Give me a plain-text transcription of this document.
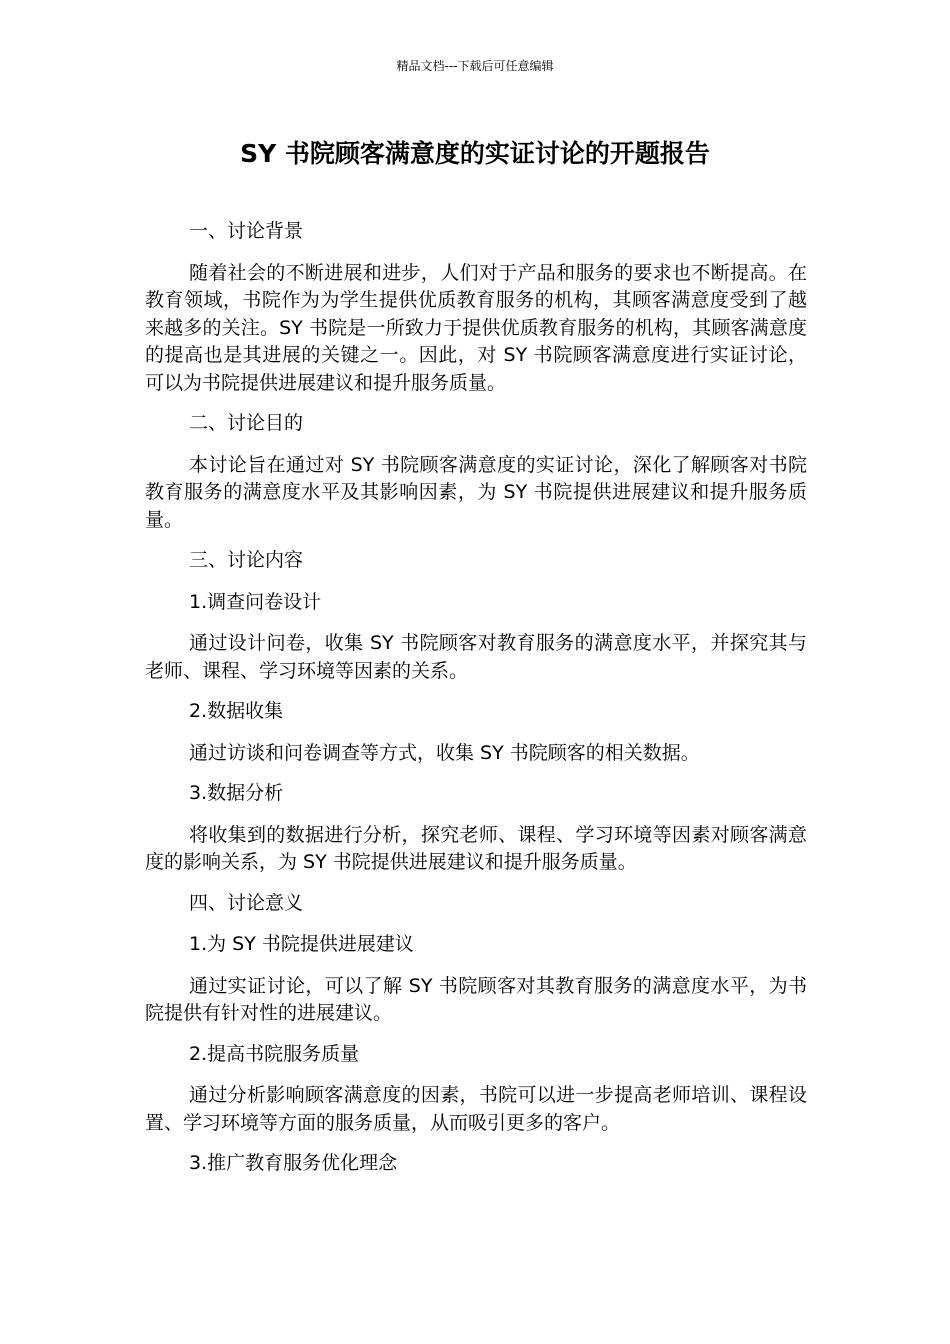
精品文档---下载后可任意编辑
SY 书院顾客满意度的实证讨论的开题报告

一、讨论背景

随着社会的不断进展和进步，人们对于产品和服务的要求也不断提高。在教育领域，书院作为为学生提供优质教育服务的机构，其顾客满意度受到了越来越多的关注。SY 书院是一所致力于提供优质教育服务的机构，其顾客满意度的提高也是其进展的关键之一。因此，对 SY 书院顾客满意度进行实证讨论，可以为书院提供进展建议和提升服务质量。

二、讨论目的

本讨论旨在通过对 SY 书院顾客满意度的实证讨论，深化了解顾客对书院教育服务的满意度水平及其影响因素，为 SY 书院提供进展建议和提升服务质量。

三、讨论内容

1.调查问卷设计

通过设计问卷，收集 SY 书院顾客对教育服务的满意度水平，并探究其与老师、课程、学习环境等因素的关系。

2.数据收集

通过访谈和问卷调查等方式，收集 SY 书院顾客的相关数据。

3.数据分析

将收集到的数据进行分析，探究老师、课程、学习环境等因素对顾客满意度的影响关系，为 SY 书院提供进展建议和提升服务质量。

四、讨论意义

1.为 SY 书院提供进展建议

通过实证讨论，可以了解 SY 书院顾客对其教育服务的满意度水平，为书院提供有针对性的进展建议。

2.提高书院服务质量

通过分析影响顾客满意度的因素，书院可以进一步提高老师培训、课程设置、学习环境等方面的服务质量，从而吸引更多的客户。

3.推广教育服务优化理念
